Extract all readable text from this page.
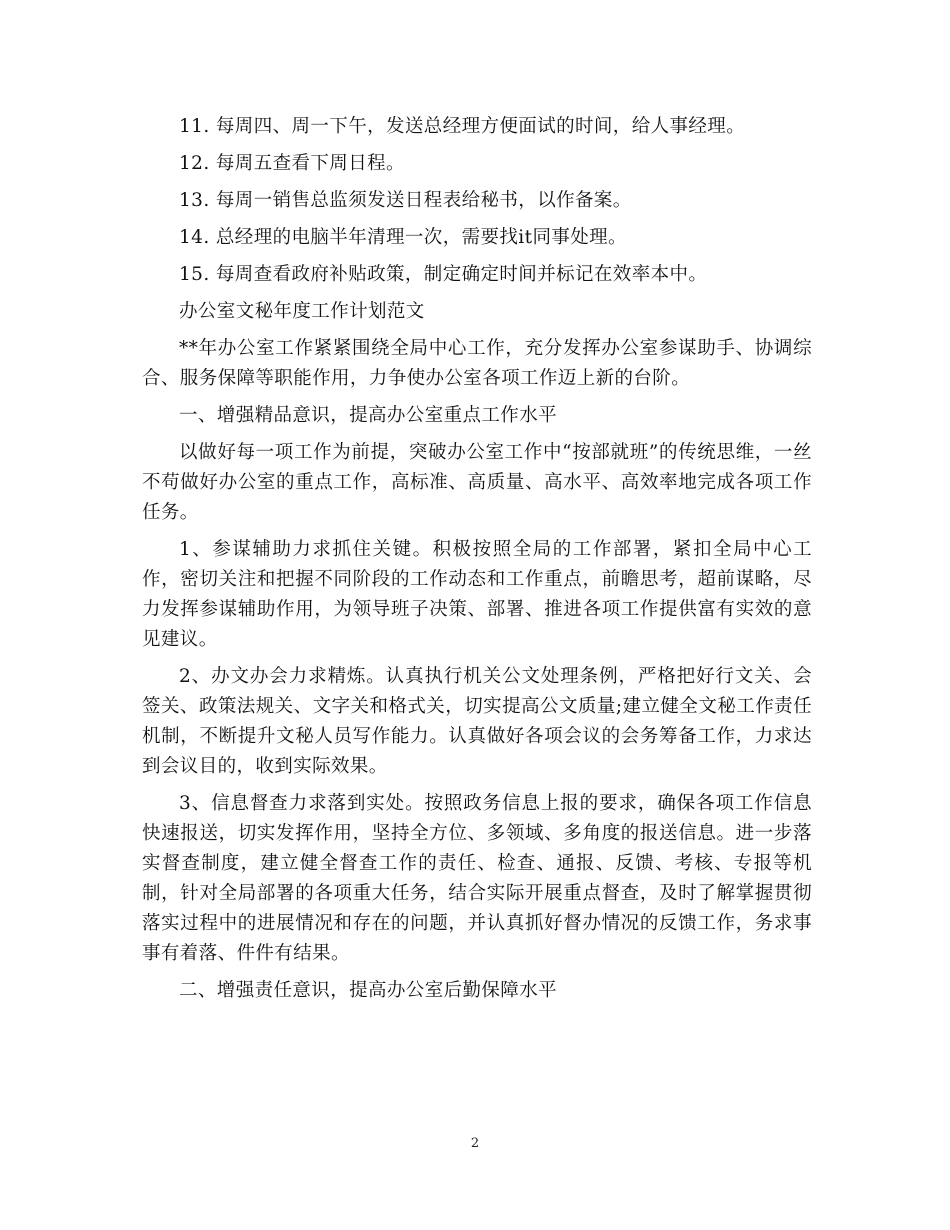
11. 每周四、周一下午，发送总经理方便面试的时间，给人事经理。

12. 每周五查看下周日程。

13. 每周一销售总监须发送日程表给秘书，以作备案。

14. 总经理的电脑半年清理一次，需要找it同事处理。

15. 每周查看政府补贴政策，制定确定时间并标记在效率本中。

办公室文秘年度工作计划范文

**年办公室工作紧紧围绕全局中心工作，充分发挥办公室参谋助手、协调综合、服务保障等职能作用，力争使办公室各项工作迈上新的台阶。

一、增强精品意识，提高办公室重点工作水平

以做好每一项工作为前提，突破办公室工作中“按部就班”的传统思维，一丝不苟做好办公室的重点工作，高标准、高质量、高水平、高效率地完成各项工作任务。

1、参谋辅助力求抓住关键。积极按照全局的工作部署，紧扣全局中心工作，密切关注和把握不同阶段的工作动态和工作重点，前瞻思考，超前谋略，尽力发挥参谋辅助作用，为领导班子决策、部署、推进各项工作提供富有实效的意见建议。

2、办文办会力求精炼。认真执行机关公文处理条例，严格把好行文关、会签关、政策法规关、文字关和格式关，切实提高公文质量;建立健全文秘工作责任机制，不断提升文秘人员写作能力。认真做好各项会议的会务筹备工作，力求达到会议目的，收到实际效果。

3、信息督查力求落到实处。按照政务信息上报的要求，确保各项工作信息快速报送，切实发挥作用，坚持全方位、多领域、多角度的报送信息。进一步落实督查制度，建立健全督查工作的责任、检查、通报、反馈、考核、专报等机制，针对全局部署的各项重大任务，结合实际开展重点督查，及时了解掌握贯彻落实过程中的进展情况和存在的问题，并认真抓好督办情况的反馈工作，务求事事有着落、件件有结果。

二、增强责任意识，提高办公室后勤保障水平

2
